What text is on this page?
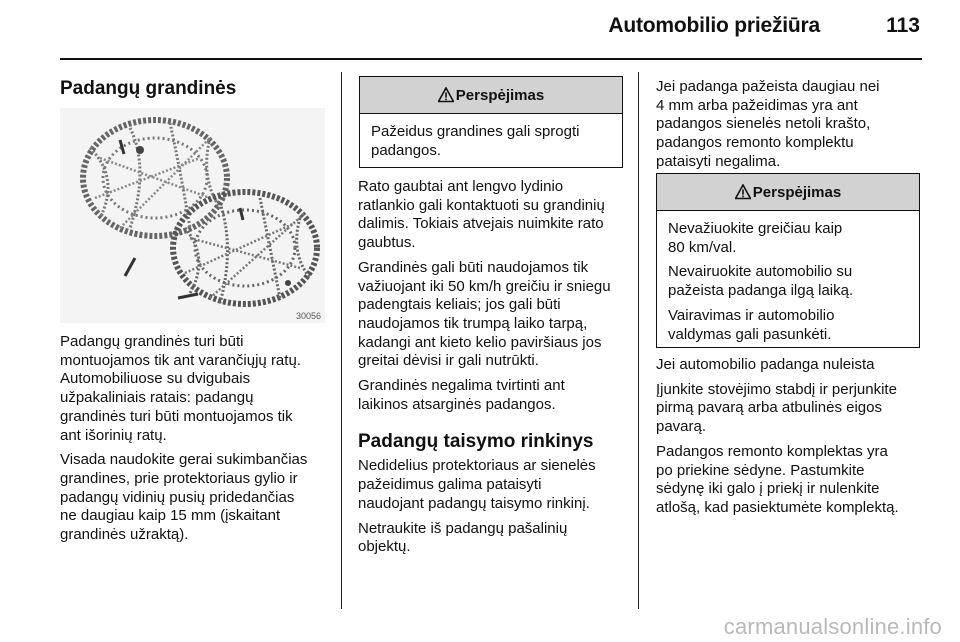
Automobilio priežiūra	113
Padangų grandinės
30056

Padangų grandinės turi būti
montuojamos tik ant varančiųjų ratų.
Automobiliuose su dvigubais
užpakaliniais ratais: padangų
grandinės turi būti montuojamos tik
ant išorinių ratų.

Visada naudokite gerai sukimbančias
grandines, prie protektoriaus gylio ir
padangų vidinių pusių pridedančias
ne daugiau kaip 15 mm (įskaitant
grandinės užraktą).

Perspėjimas

Pažeidus grandines gali sprogti
padangos.

Rato gaubtai ant lengvo lydinio
ratlankio gali kontaktuoti su grandinių
dalimis. Tokiais atvejais nuimkite rato
gaubtus.

Grandinės gali būti naudojamos tik
važiuojant iki 50 km/h greičiu ir sniegu
padengtais keliais; jos gali būti
naudojamos tik trumpą laiko tarpą,
kadangi ant kieto kelio paviršiaus jos
greitai dėvisi ir gali nutrūkti.

Grandinės negalima tvirtinti ant
laikinos atsarginės padangos.

Padangų taisymo rinkinys

Nedidelius protektoriaus ar sienelės
pažeidimus galima pataisyti
naudojant padangų taisymo rinkinį.

Netraukite iš padangų pašalinių
objektų.

Jei padanga pažeista daugiau nei
4 mm arba pažeidimas yra ant
padangos sienelės netoli krašto,
padangos remonto komplektu
pataisyti negalima.

Perspėjimas

Nevažiuokite greičiau kaip
80 km/val.

Nevairuokite automobilio su
pažeista padanga ilgą laiką.

Vairavimas ir automobilio
valdymas gali pasunkėti.

Jei automobilio padanga nuleista

Įjunkite stovėjimo stabdį ir perjunkite
pirmą pavarą arba atbulinės eigos
pavarą.

Padangos remonto komplektas yra
po priekine sėdyne. Pastumkite
sėdynę iki galo į priekį ir nulenkite
atlošą, kad pasiektumėte komplektą.

carmanualsonline.info
